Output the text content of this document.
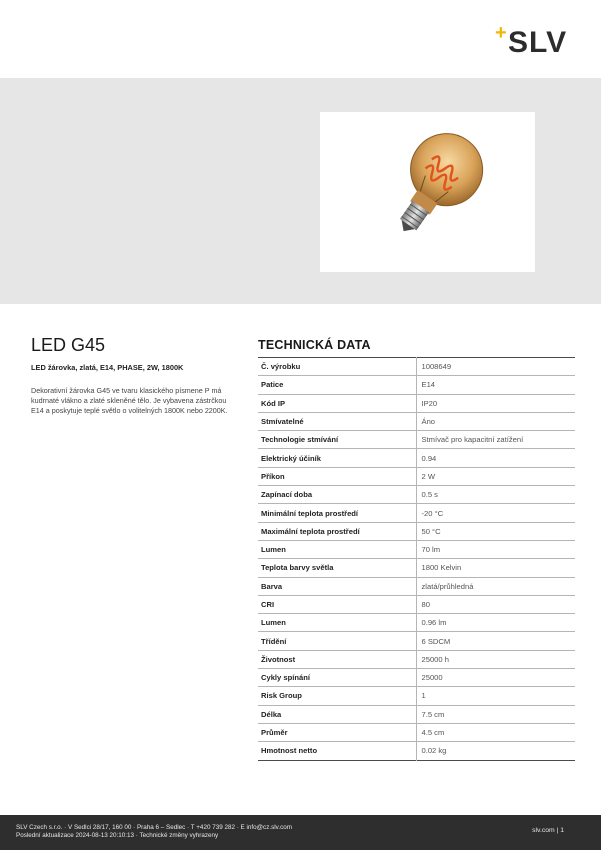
+ SLV
LED G45

LED žárovka, zlatá, E14, PHASE, 2W, 1800K

Dekorativní žárovka G45 ve tvaru klasického písmene P má kudrnaté vlákno a zlaté skleněné tělo. Je vybavena zástrčkou E14 a poskytuje teplé světlo o volitelných 1800K nebo 2200K.

TECHNICKÁ DATA
Č. výrobku	1008649
Patice	E14
Kód IP	IP20
Stmívatelné	Áno
Technologie stmívání	Stmívač pro kapacitní zatížení
Elektrický účiník	0.94
Příkon	2 W
Zapínací doba	0.5 s
Minimální teplota prostředí	-20 °C
Maximální teplota prostředí	50 °C
Lumen	70 lm
Teplota barvy světla	1800 Kelvin
Barva	zlatá/průhledná
CRI	80
Lumen	0.96 lm
Třídění	6 SDCM
Životnost	25000 h
Cykly spínání	25000
Risk Group	1
Délka	7.5 cm
Průměr	4.5 cm
Hmotnost netto	0.02 kg
SLV Czech s.r.o. · V Sedlci 28/17, 160 00 · Praha 6 – Sedlec · T +420 739 282 · E info@cz.slv.com
Poslední aktualizace 2024-08-13 20:10:13 · Technické změny vyhrazeny
slv.com | 1
